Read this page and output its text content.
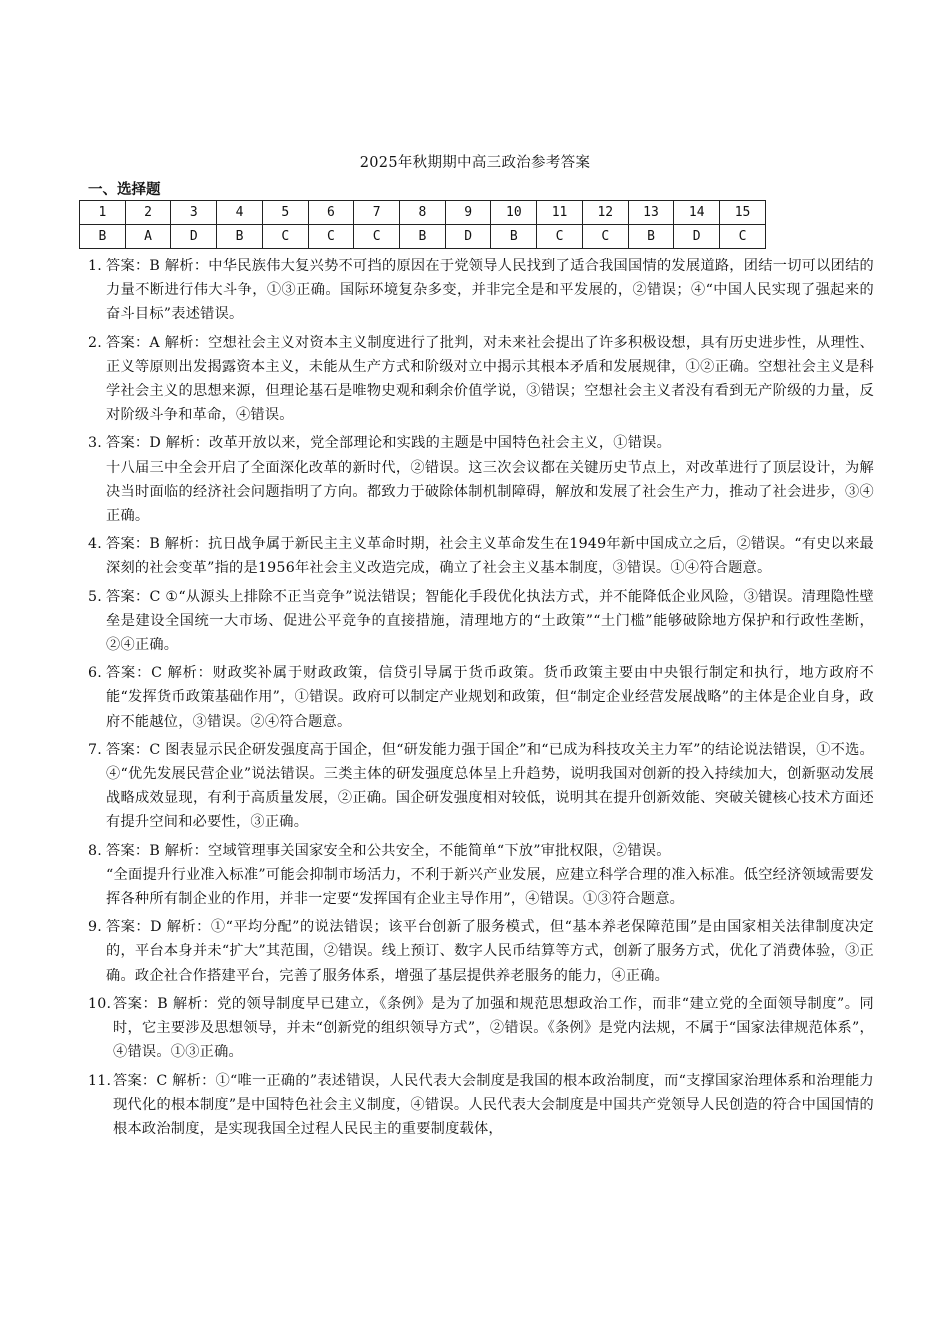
2025年秋期期中高三政治参考答案
一、选择题
1	2	3	4	5	6	7	8	9	10	11	12	13	14	15
B	A	D	B	C	C	C	B	D	B	C	C	B	D	C
1. 答案：B 解析：中华民族伟大复兴势不可挡的原因在于党领导人民找到了适合我国国情的发展道路，团结一切可以团结的力量不断进行伟大斗争，①③正确。国际环境复杂多变，并非完全是和平发展的，②错误；④“中国人民实现了强起来的奋斗目标”表述错误。
2. 答案：A 解析：空想社会主义对资本主义制度进行了批判，对未来社会提出了许多积极设想，具有历史进步性，从理性、正义等原则出发揭露资本主义，未能从生产方式和阶级对立中揭示其根本矛盾和发展规律，①②正确。空想社会主义是科学社会主义的思想来源，但理论基石是唯物史观和剩余价值学说，③错误；空想社会主义者没有看到无产阶级的力量，反对阶级斗争和革命，④错误。
3. 答案：D 解析：改革开放以来，党全部理论和实践的主题是中国特色社会主义，①错误。
十八届三中全会开启了全面深化改革的新时代，②错误。这三次会议都在关键历史节点上，对改革进行了顶层设计，为解决当时面临的经济社会问题指明了方向。都致力于破除体制机制障碍，解放和发展了社会生产力，推动了社会进步，③④正确。
4. 答案：B 解析：抗日战争属于新民主主义革命时期，社会主义革命发生在1949年新中国成立之后，②错误。“有史以来最深刻的社会变革”指的是1956年社会主义改造完成，确立了社会主义基本制度，③错误。①④符合题意。
5. 答案：C ①“从源头上排除不正当竞争”说法错误；智能化手段优化执法方式，并不能降低企业风险，③错误。清理隐性壁垒是建设全国统一大市场、促进公平竞争的直接措施，清理地方的“土政策”“土门槛”能够破除地方保护和行政性垄断，②④正确。
6. 答案：C 解析：财政奖补属于财政政策，信贷引导属于货币政策。货币政策主要由中央银行制定和执行，地方政府不能“发挥货币政策基础作用”，①错误。政府可以制定产业规划和政策，但“制定企业经营发展战略”的主体是企业自身，政府不能越位，③错误。②④符合题意。
7. 答案：C 图表显示民企研发强度高于国企，但“研发能力强于国企”和“已成为科技攻关主力军”的结论说法错误，①不选。④“优先发展民营企业”说法错误。三类主体的研发强度总体呈上升趋势，说明我国对创新的投入持续加大，创新驱动发展战略成效显现，有利于高质量发展，②正确。国企研发强度相对较低，说明其在提升创新效能、突破关键核心技术方面还有提升空间和必要性，③正确。
8. 答案：B 解析：空域管理事关国家安全和公共安全，不能简单“下放”审批权限，②错误。
“全面提升行业准入标准”可能会抑制市场活力，不利于新兴产业发展，应建立科学合理的准入标准。低空经济领域需要发挥各种所有制企业的作用，并非一定要“发挥国有企业主导作用”，④错误。①③符合题意。
9. 答案：D 解析：①“平均分配”的说法错误；该平台创新了服务模式，但“基本养老保障范围”是由国家相关法律制度决定的，平台本身并未“扩大”其范围，②错误。线上预订、数字人民币结算等方式，创新了服务方式，优化了消费体验，③正确。政企社合作搭建平台，完善了服务体系，增强了基层提供养老服务的能力，④正确。
10. 答案：B 解析：党的领导制度早已建立，《条例》是为了加强和规范思想政治工作，而非“建立党的全面领导制度”。同时，它主要涉及思想领导，并未“创新党的组织领导方式”，②错误。《条例》是党内法规，不属于“国家法律规范体系”，④错误。①③正确。
11. 答案：C 解析：①“唯一正确的”表述错误，人民代表大会制度是我国的根本政治制度，而“支撑国家治理体系和治理能力现代化的根本制度”是中国特色社会主义制度，④错误。人民代表大会制度是中国共产党领导人民创造的符合中国国情的根本政治制度，是实现我国全过程人民民主的重要制度载体，
